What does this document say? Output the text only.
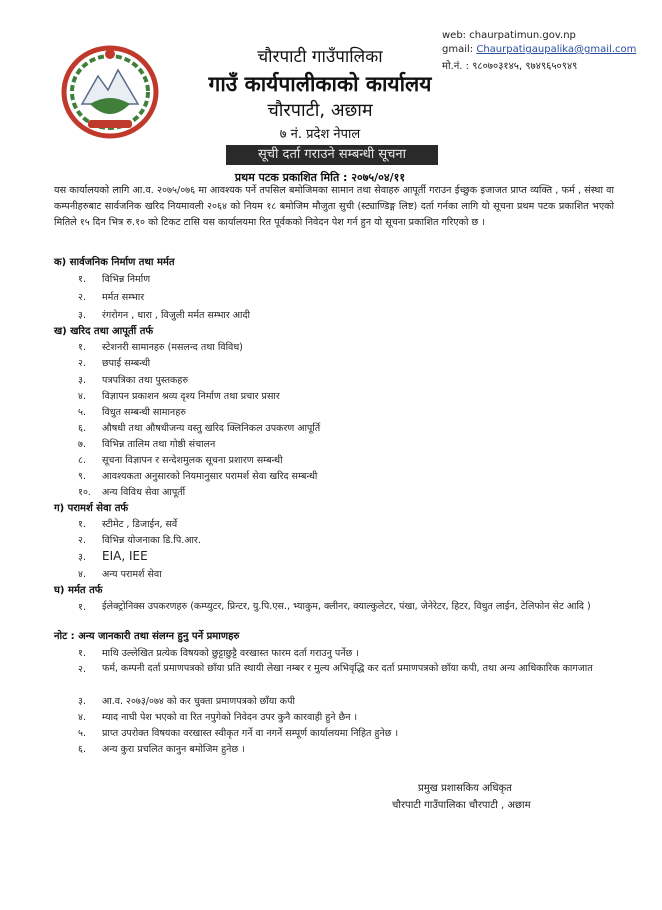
चौरपाटी गाउँपालिका
गाउँ कार्यपालीकाको कार्यालय
चौरपाटी, अछाम
७ नं. प्रदेश नेपाल
सूची दर्ता गराउने सम्बन्धी सूचना
web: chaurpatimun.gov.np
gmail: Chaurpatigaupalika@gmail.com
मो.नं. : ९८०७०३१४५, ९७४९६५०९४९
प्रथम पटक प्रकाशित मिति : २०७५/०४/११
यस कार्यालयको लागि आ.व. २०७५/०७६ मा आवश्यक पर्ने तपसिल बमोजिमका सामान तथा सेवाहरु आपूर्ती गराउन ईच्छुक इजाजत प्राप्त व्यक्ति , फर्म , संस्था वा कम्पनीहरुबाट सार्वजनिक खरिद नियमावली २०६४ को नियम १८ बमोजिम मौजुता सुची (स्ट्याण्डिङ्ग लिष्ट) दर्ता गर्नका लागि यो सूचना प्रथम पटक प्रकाशित भएको मितिले १५ दिन भित्र रु.१० को टिकट टासि यस कार्यालयमा रित पूर्वकको निवेदन पेश गर्न हुन यो सूचना प्रकाशित गरिएको छ ।
क) सार्वजनिक निर्माण तथा मर्मत
१. विभिन्न निर्माण
२. मर्मत सम्भार
३. रंगरोगन , धारा , विजुली मर्मत सम्भार आदी
ख) खरिद तथा आपूर्ती तर्फ
१. स्टेशनरी सामानहरु (मसलन्द तथा विविध)
२. छपाई सम्बन्धी
३. पत्रपत्रिका तथा पुस्तकहरु
४. विज्ञापन प्रकाशन श्रव्य दृश्य निर्माण तथा प्रचार प्रसार
५. विधुत सम्बन्धी सामानहरु
६. औषधी तथा औषधीजन्य वस्तु खरिद क्लिनिकल उपकरण आपूर्ति
७. विभिन्न तालिम तथा गोष्ठी संचालन
८. सूचना विज्ञापन र सन्देशमुलक सूचना प्रशारण सम्बन्धी
९. आवश्यकता अनुसारको नियमानुसार परामर्श सेवा खरिद सम्बन्धी
१०. अन्य विविध सेवा आपूर्ती
ग) परामर्श सेवा तर्फ
१. स्टीमेट , डिजाईन, सर्वे
२. विभिन्न योजनाका डि.पि.आर.
३. EIA, IEE
४. अन्य परामर्श सेवा
घ) मर्मत तर्फ
१. ईलेक्ट्रोनिक्स उपकरणहरु (कम्प्युटर, प्रिन्टर, यु.पि.एस., भ्याकुम, क्लीनर, क्याल्कुलेटर, पंखा, जेनेरेटर, हिटर, विधुत लाईन, टेलिफोन सेट आदि )
नोट : अन्य जानकारी तथा संलग्न हुनु पर्ने प्रमाणहरु
१. माथि उल्लेखित प्रत्येक विषयको छुट्टाछुट्टै वरखास्त फारम दर्ता गराउनु पर्नेछ ।
२. फर्म, कम्पनी दर्ता प्रमाणपत्रको छाँया प्रति स्थायी लेखा नम्बर र मुल्य अभिवृद्धि कर दर्ता प्रमाणपत्रको छाँया कपी, तथा अन्य आधिकारिक कागजात
३. आ.व. २०७३/०७४ को कर चुक्ता प्रमाणपत्रको छाँया कपी
४. म्याद नाघी पेश भएको वा रित नपुगेको निवेदन उपर कुनै कारवाही हुने छैन ।
५. प्राप्त उपरोक्त विषयका वरखास्त स्वीकृत गर्ने वा नगर्ने सम्पूर्ण कार्यालयमा निहित हुनेछ ।
६. अन्य कुरा प्रचलित कानुन बमोजिम हुनेछ ।
प्रमुख प्रशासकिय अधिकृत
चौरपाटी गाउँपालिका चौरपाटी , अछाम
